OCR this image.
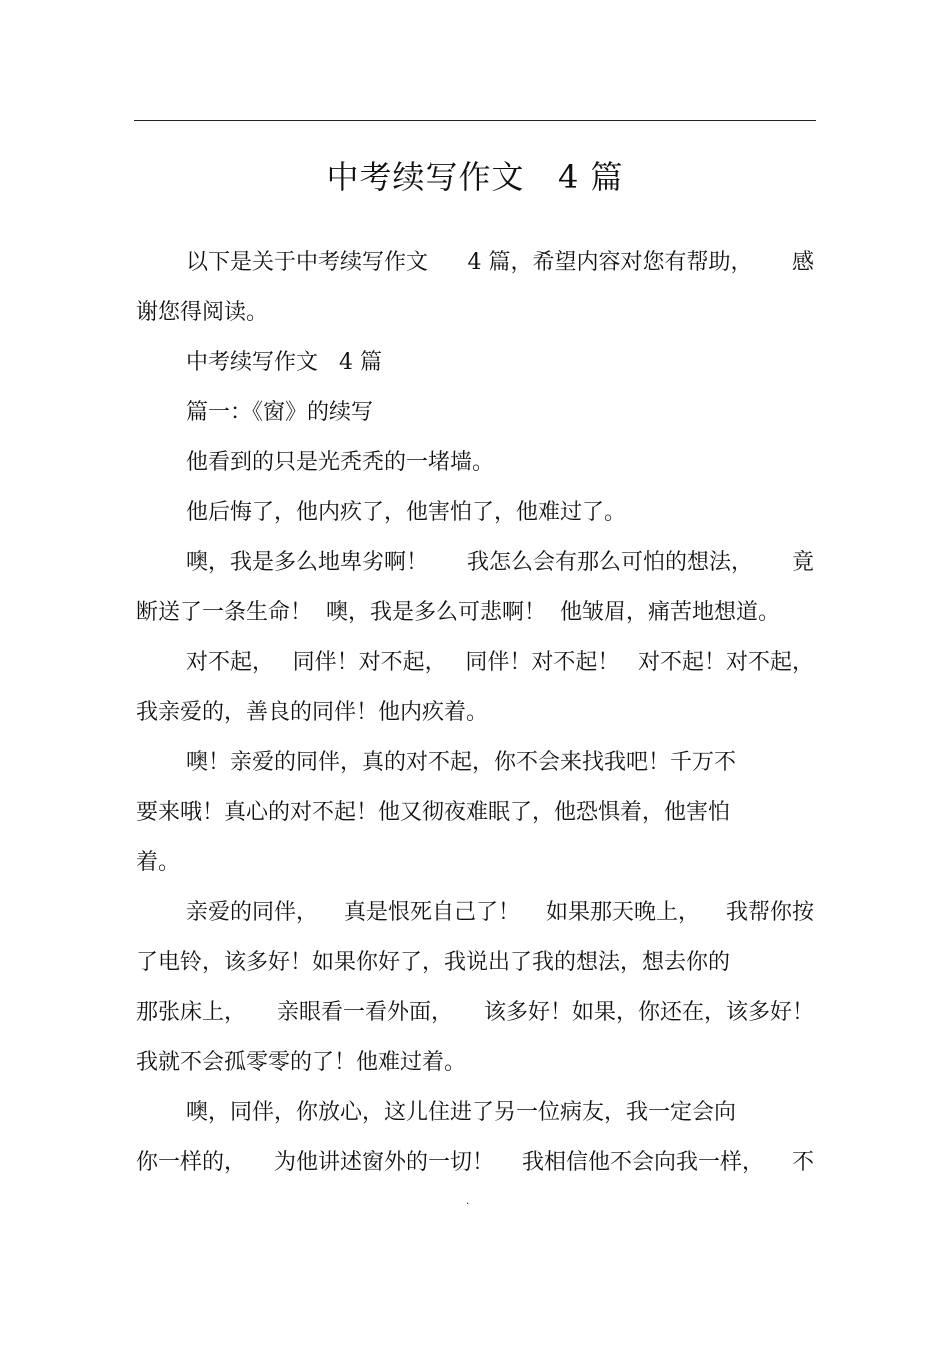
中考续写作文   4 篇
以下是关于中考续写作文 4 篇，希望内容对您有帮助， 感
谢您得阅读。
中考续写作文   4 篇
篇一：《窗》的续写
他看到的只是光秃秃的一堵墙。
他后悔了，他内疚了，他害怕了，他难过了。
噢，我是多么地卑劣啊！ 我怎么会有那么可怕的想法， 竟
断送了一条生命！  噢，我是多么可悲啊！  他皱眉，痛苦地想道。
对不起， 同伴！对不起， 同伴！对不起！ 对不起！对不起，
我亲爱的，善良的同伴！他内疚着。
噢！亲爱的同伴，真的对不起，你不会来找我吧！千万不
要来哦！真心的对不起！他又彻夜难眠了，他恐惧着，他害怕
着。
亲爱的同伴， 真是恨死自己了！ 如果那天晚上， 我帮你按
了电铃，该多好！如果你好了，我说出了我的想法，想去你的
那张床上， 亲眼看一看外面， 该多好！如果，你还在，该多好！
我就不会孤零零的了！他难过着。
噢，同伴，你放心，这儿住进了另一位病友，我一定会向
你一样的， 为他讲述窗外的一切！ 我相信他不会向我一样， 不
.
